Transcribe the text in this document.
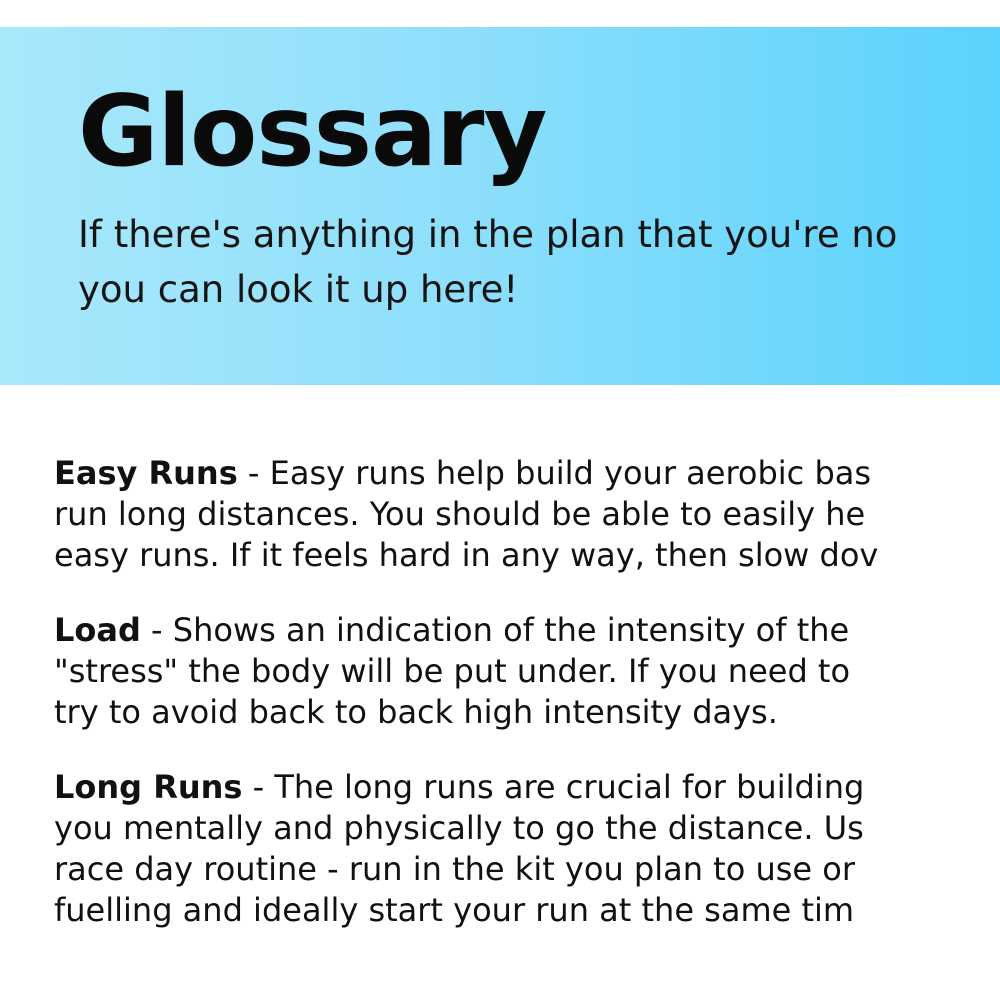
Glossary

If there's anything in the plan that you're no
you can look it up here!

Easy Runs - Easy runs help build your aerobic bas
run long distances. You should be able to easily he
easy runs. If it feels hard in any way, then slow dov

Load - Shows an indication of the intensity of the
"stress" the body will be put under. If you need to
try to avoid back to back high intensity days.

Long Runs - The long runs are crucial for building
you mentally and physically to go the distance. Us
race day routine - run in the kit you plan to use or
fuelling and ideally start your run at the same tim
